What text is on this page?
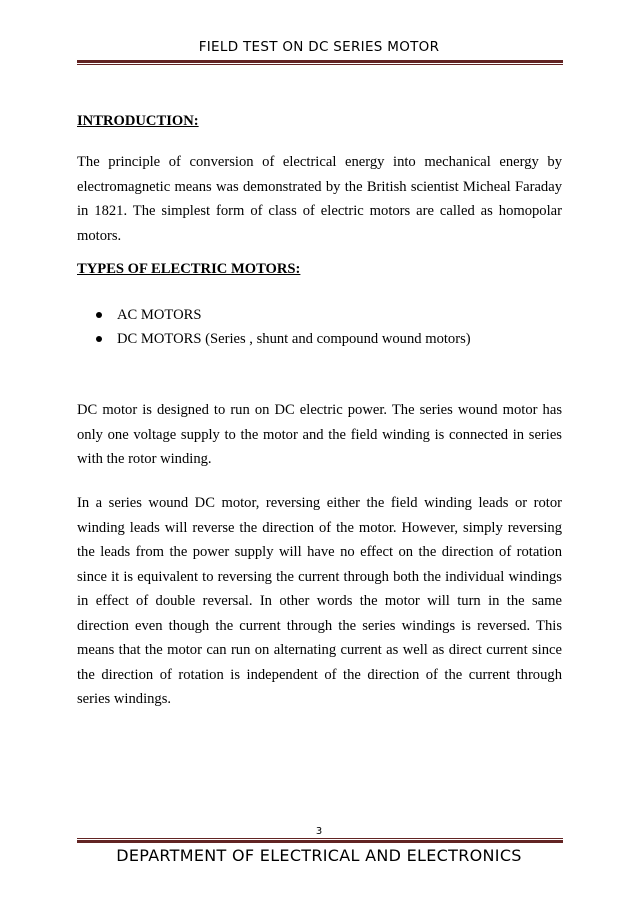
FIELD TEST ON DC SERIES MOTOR
INTRODUCTION:
The principle of conversion of electrical energy into mechanical energy by electromagnetic means was demonstrated by the British scientist Micheal Faraday in 1821. The simplest form of class of electric motors are called as homopolar motors.
TYPES OF ELECTRIC MOTORS:
AC MOTORS
DC MOTORS (Series , shunt and compound wound motors)
DC motor is designed to run on DC electric power. The series wound motor has only one voltage supply to the motor and the field winding is connected in series with the rotor winding.
In a series wound DC motor, reversing either the field winding leads or rotor winding leads will reverse the direction of the motor. However, simply reversing the leads from the power supply will have no effect on the direction of rotation since it is equivalent to reversing the current through both the individual windings in effect of double reversal. In other words the motor will turn in the same direction even though the current through the series windings is reversed. This means that the motor can run on alternating current as well as direct current since the direction of rotation is independent of the direction of the current through series windings.
3
DEPARTMENT OF ELECTRICAL AND ELECTRONICS
